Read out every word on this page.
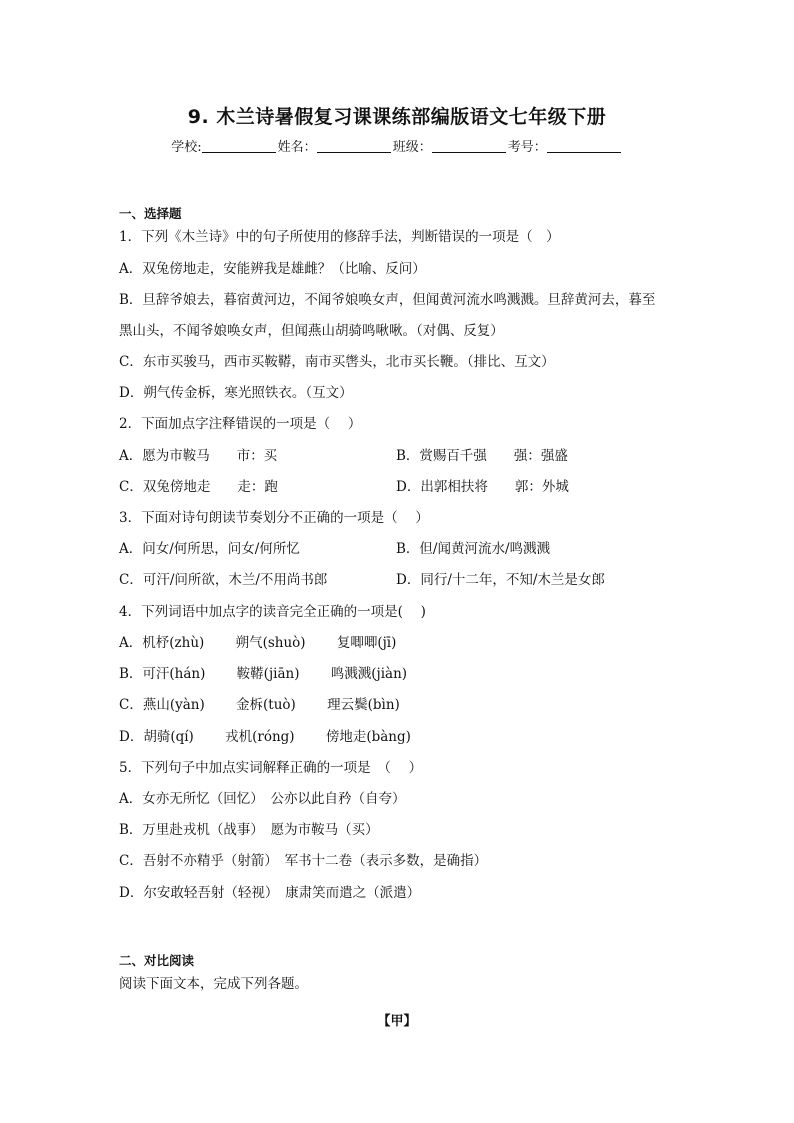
9. 木兰诗暑假复习课课练部编版语文七年级下册
学校:	姓名：	班级：	考号：
一、选择题
1．下列《木兰诗》中的句子所使用的修辞手法，判断错误的一项是（　）
A．双兔傍地走，安能辨我是雄雌？（比喻、反问）
B．旦辞爷娘去，暮宿黄河边，不闻爷娘唤女声，但闻黄河流水鸣溅溅。旦辞黄河去，暮至
黑山头，不闻爷娘唤女声，但闻燕山胡骑鸣啾啾。（对偶、反复）
C．东市买骏马，西市买鞍鞯，南市买辔头，北市买长鞭。（排比、互文）
D．朔气传金柝，寒光照铁衣。（互文）
2．下面加点字注释错误的一项是（　 ）
A．愿为市鞍马　　市：买	B．赏赐百千强　　强：强盛
C．双兔傍地走　　走：跑	D．出郭相扶将　　郭：外城
3．下面对诗句朗读节奏划分不正确的一项是（　 ）
A．问女/何所思，问女/何所忆	B．但/闻黄河流水/鸣溅溅
C．可汗/问所欲，木兰/不用尚书郎	D．同行/十二年，不知/木兰是女郎
4．下列词语中加点字的读音完全正确的一项是(　 )
A．机杼(zhù)　　 朔气(shuò)　　 复唧唧(jī)
B．可汗(hán)　　 鞍鞯(jiān)　　 鸣溅溅(jiàn)
C．燕山(yàn)　　 金柝(tuò)　　 理云鬓(bìn)
D．胡骑(qí)　　 戎机(róng)　　 傍地走(bàng)
5．下列句子中加点实词解释正确的一项是　（　 ）
A．女亦无所忆（回忆）　公亦以此自矜（自夸）
B．万里赴戎机（战事）　愿为市鞍马（买）
C．吾射不亦精乎（射箭）　军书十二卷（表示多数，是确指）
D．尔安敢轻吾射（轻视）　康肃笑而遣之（派遣）
二、对比阅读
阅读下面文本，完成下列各题。
【甲】
